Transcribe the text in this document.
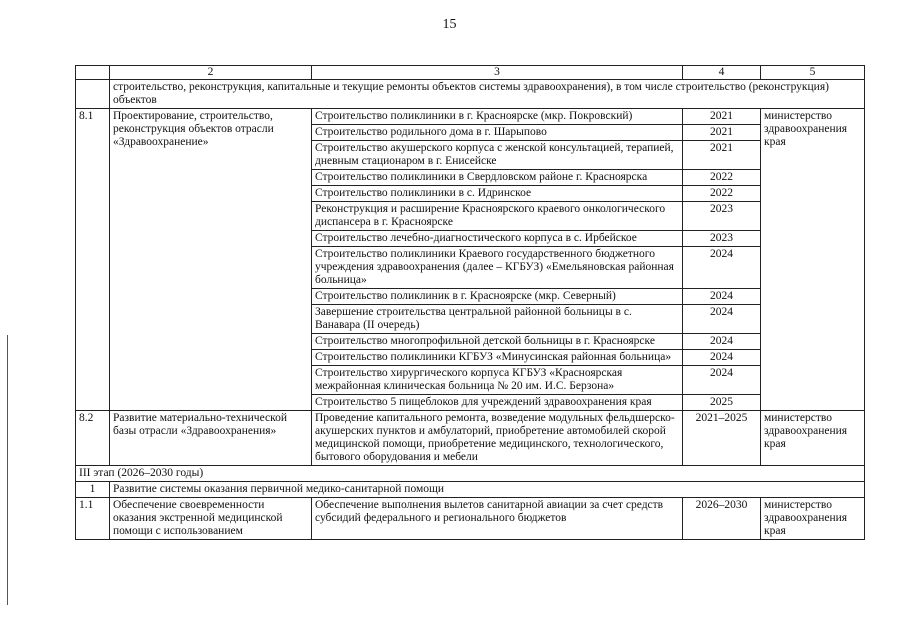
15
	2	3	4	5
	строительство, реконструкция, капитальные и текущие ремонты объектов системы здравоохранения), в том числе строительство (реконструкция) объектов			
8.1	Проектирование, строительство, реконструкция объектов отрасли «Здравоохранение»	Строительство поликлиники в г. Красноярске (мкр. Покровский)	2021	министерство здравоохранения края
		Строительство родильного дома в г. Шарыпово	2021	
		Строительство акушерского корпуса с женской консультацией, терапией, дневным стационаром в г. Енисейске	2021	
		Строительство поликлиники в Свердловском районе г. Красноярска	2022	
		Строительство поликлиники в с. Идринское	2022	
		Реконструкция и расширение Красноярского краевого онкологического диспансера в г. Красноярске	2023	
		Строительство лечебно-диагностического корпуса в с. Ирбейское	2023	
		Строительство поликлиники Краевого государственного бюджетного учреждения здравоохранения (далее – КГБУЗ) «Емельяновская районная больница»	2024	
		Строительство поликлиник в г. Красноярске (мкр. Северный)	2024	
		Завершение строительства центральной районной больницы в с. Ванавара (II очередь)	2024	
		Строительство многопрофильной детской больницы в г. Красноярске	2024	
		Строительство поликлиники КГБУЗ «Минусинская районная больница»	2024	
		Строительство хирургического корпуса КГБУЗ «Красноярская межрайонная клиническая больница № 20 им. И.С. Берзона»	2024	
		Строительство 5 пищеблоков для учреждений здравоохранения края	2025	
8.2	Развитие материально-технической базы отрасли «Здравоохранения»	Проведение капитального ремонта, возведение модульных фельдшерско-акушерских пунктов и амбулаторий, приобретение автомобилей скорой медицинской помощи, приобретение медицинского, технологического, бытового оборудования и мебели	2021–2025	министерство здравоохранения края
III этап (2026–2030 годы)				
1	Развитие системы оказания первичной медико-санитарной помощи			
1.1	Обеспечение своевременности оказания экстренной медицинской помощи с использованием	Обеспечение выполнения вылетов санитарной авиации за счет средств субсидий федерального и регионального бюджетов	2026–2030	министерство здравоохранения края
